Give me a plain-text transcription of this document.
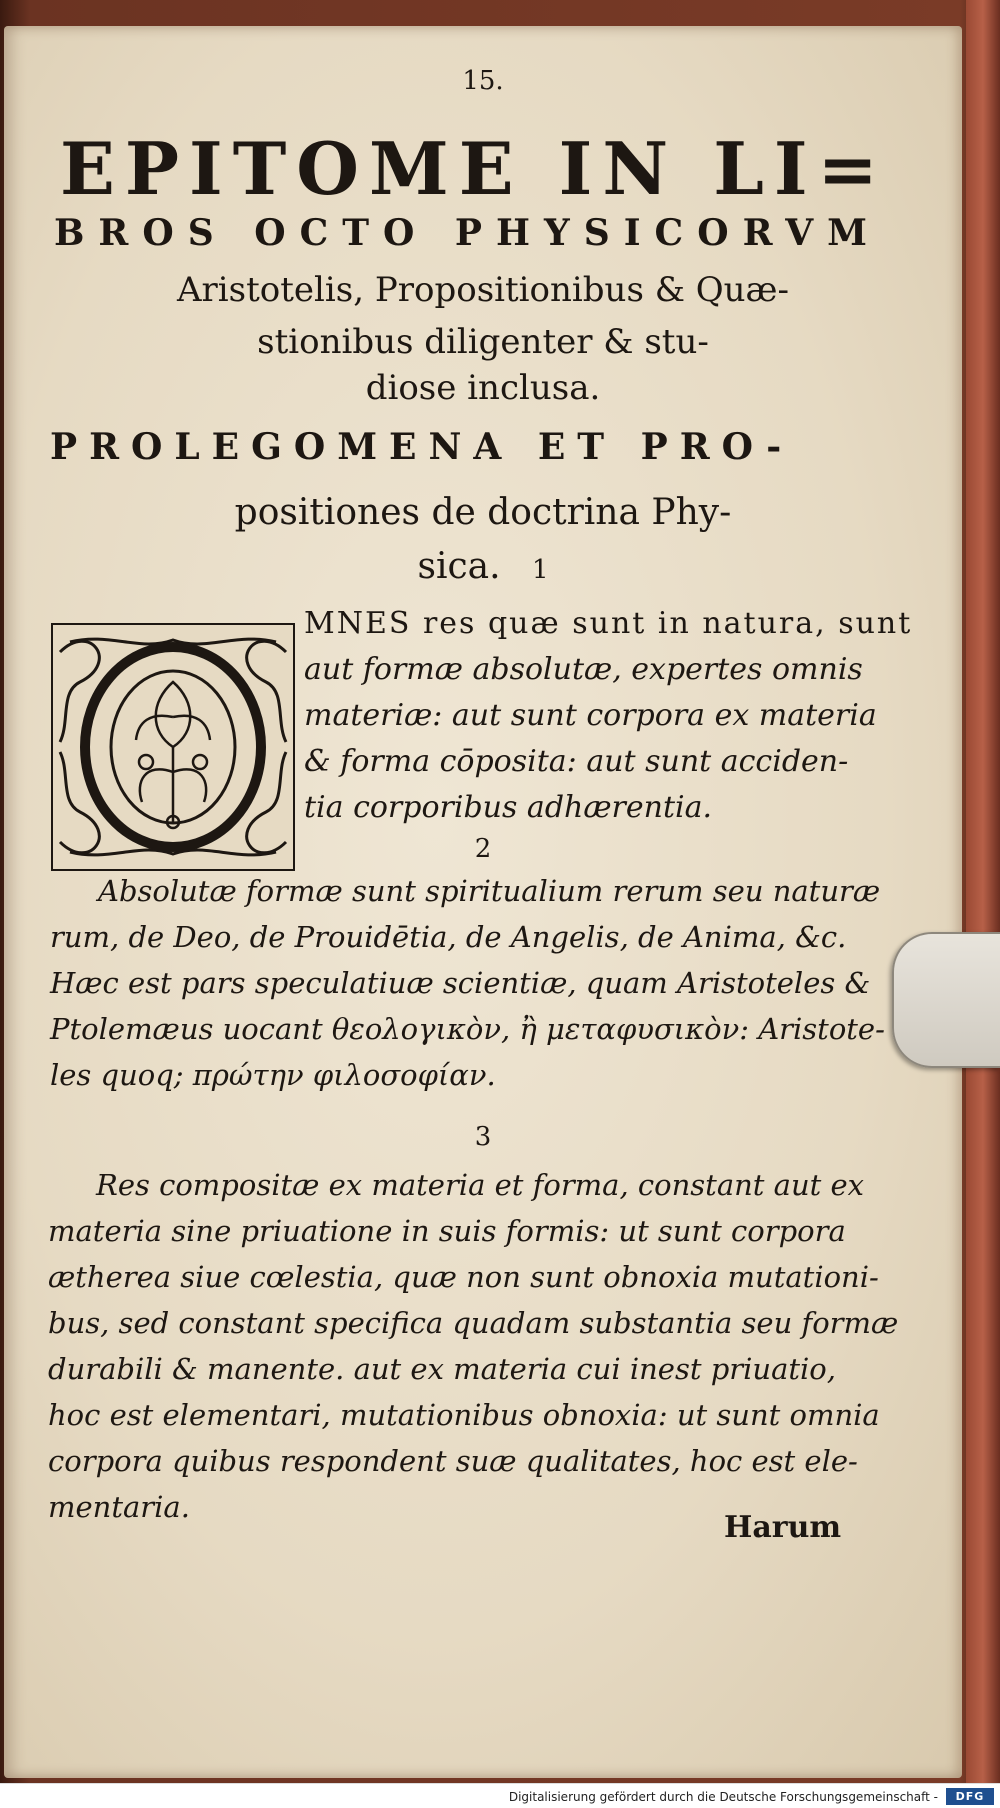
15.
EPITOME IN LI=
BROS OCTO PHYSICORVM
Aristotelis, Propositionibus & Quæ-
stionibus diligenter & stu-
diose inclusa.
PROLEGOMENA ET PRO-
positiones de doctrina Phy-
sica. 1
MNES res quæ sunt in natura, sunt
aut formæ absolutæ, expertes omnis
materiæ: aut sunt corpora ex materia
& forma cōposita: aut sunt acciden-
tia corporibus adhærentia.
2
Absolutæ formæ sunt spiritualium rerum seu naturæ
rum, de Deo, de Prouidētia, de Angelis, de Anima, &c.
Hæc est pars speculatiuæ scientiæ, quam Aristoteles &
Ptolemæus uocant θεολογικὸν, ἢ μεταφυσικὸν: Aristote-
les quoq; πρώτην φιλοσοφίαν.
3
Res compositæ ex materia et forma, constant aut ex
materia sine priuatione in suis formis: ut sunt corpora
ætherea siue cœlestia, quæ non sunt obnoxia mutationi-
bus, sed constant specifica quadam substantia seu formæ
durabili & manente. aut ex materia cui inest priuatio,
hoc est elementari, mutationibus obnoxia: ut sunt omnia
corpora quibus respondent suæ qualitates, hoc est ele-
mentaria.
Harum
Digitalisierung gefördert durch die Deutsche Forschungsgemeinschaft -	DFG
